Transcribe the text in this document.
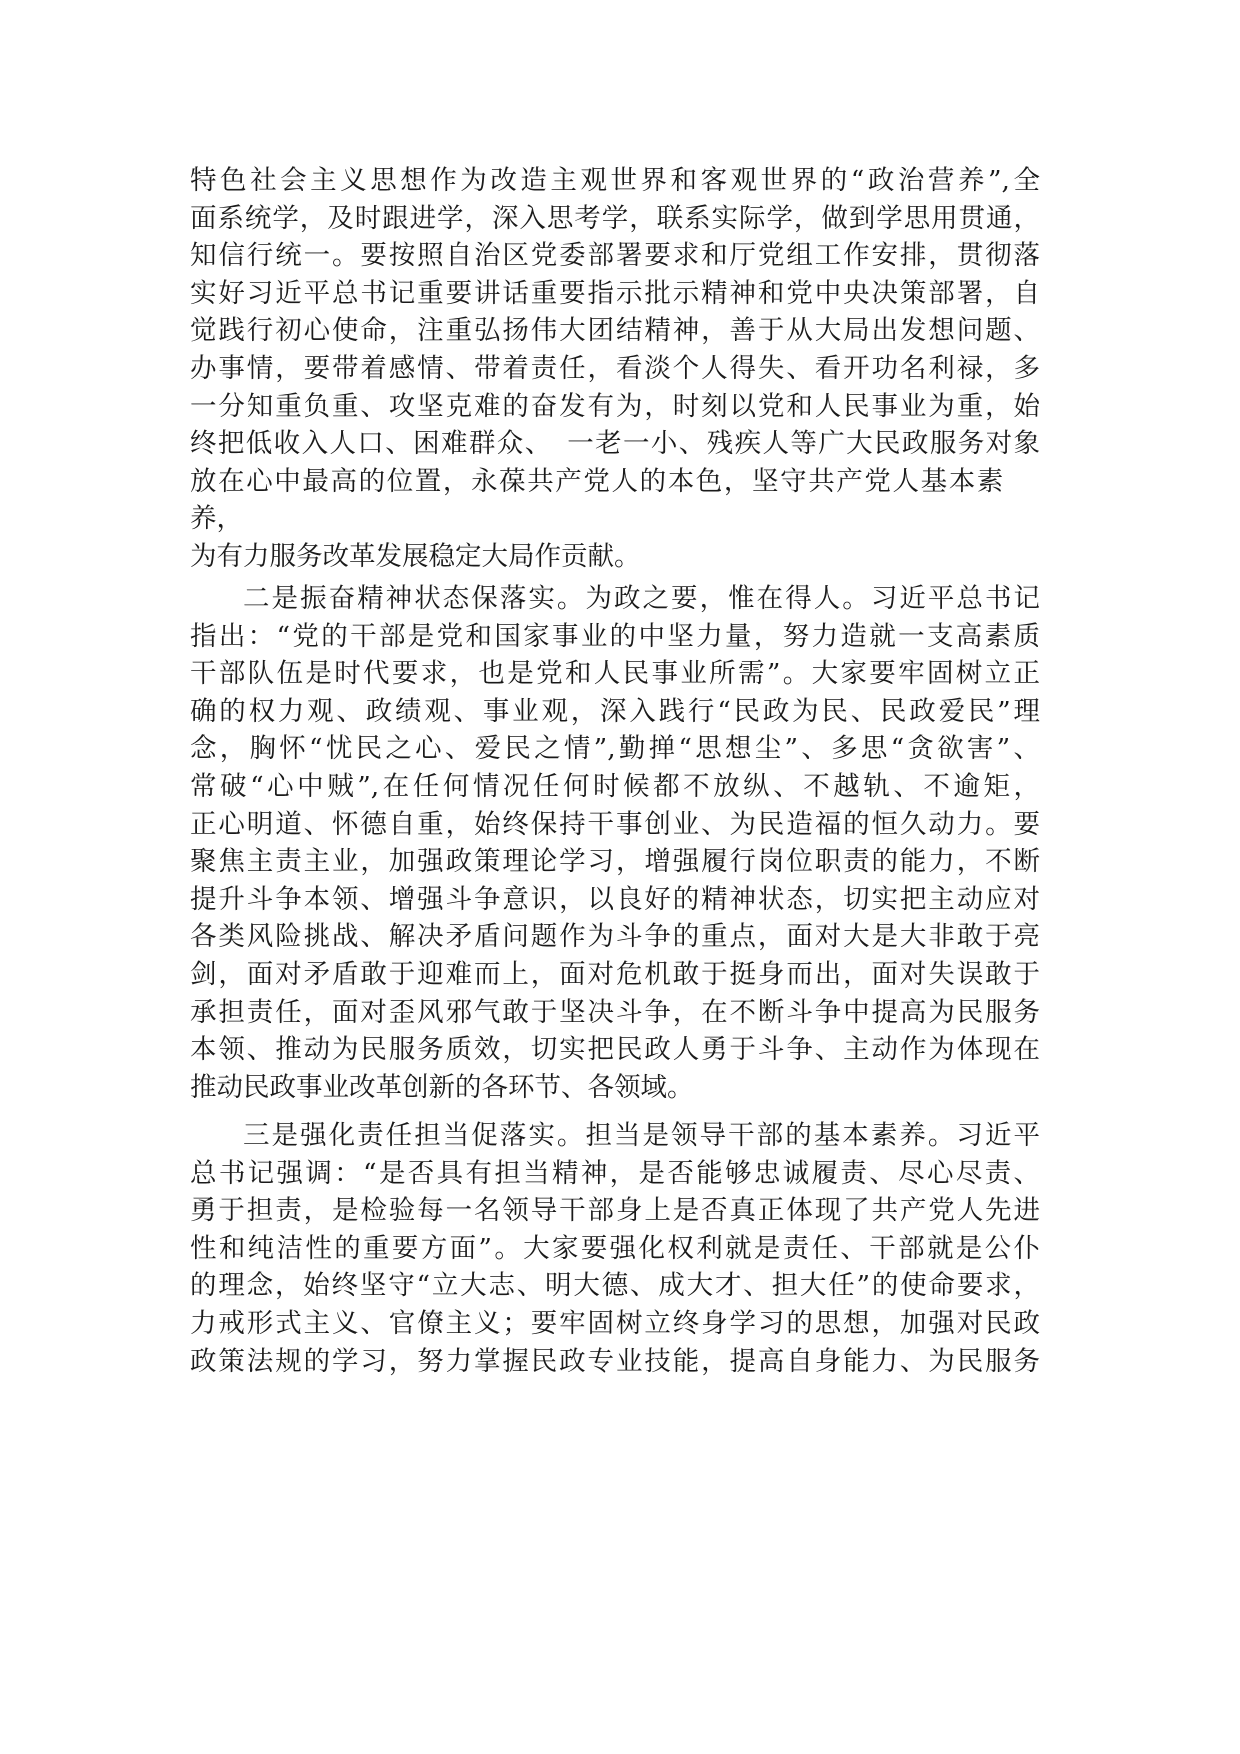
特色社会主义思想作为改造主观世界和客观世界的“政治营养”,全
面系统学，及时跟进学，深入思考学，联系实际学，做到学思用贯通，
知信行统一。要按照自治区党委部署要求和厅党组工作安排，贯彻落
实好习近平总书记重要讲话重要指示批示精神和党中央决策部署，自
觉践行初心使命，注重弘扬伟大团结精神，善于从大局出发想问题、
办事情，要带着感情、带着责任，看淡个人得失、看开功名利禄，多
一分知重负重、攻坚克难的奋发有为，时刻以党和人民事业为重，始
终把低收入人口、困难群众、　一老一小、残疾人等广大民政服务对象
放在心中最高的位置，永葆共产党人的本色，坚守共产党人基本素
养，
为有力服务改革发展稳定大局作贡献。
二是振奋精神状态保落实。为政之要，惟在得人。习近平总书记
指出：“党的干部是党和国家事业的中坚力量，努力造就一支高素质
干部队伍是时代要求，也是党和人民事业所需”。大家要牢固树立正
确的权力观、政绩观、事业观，深入践行“民政为民、民政爱民”理
念，胸怀“忧民之心、爱民之情”,勤掸“思想尘”、多思“贪欲害”、
常破“心中贼”,在任何情况任何时候都不放纵、不越轨、不逾矩，
正心明道、怀德自重，始终保持干事创业、为民造福的恒久动力。要
聚焦主责主业，加强政策理论学习，增强履行岗位职责的能力，不断
提升斗争本领、增强斗争意识，以良好的精神状态，切实把主动应对
各类风险挑战、解决矛盾问题作为斗争的重点，面对大是大非敢于亮
剑，面对矛盾敢于迎难而上，面对危机敢于挺身而出，面对失误敢于
承担责任，面对歪风邪气敢于坚决斗争，在不断斗争中提高为民服务
本领、推动为民服务质效，切实把民政人勇于斗争、主动作为体现在
推动民政事业改革创新的各环节、各领域。
三是强化责任担当促落实。担当是领导干部的基本素养。习近平
总书记强调：“是否具有担当精神，是否能够忠诚履责、尽心尽责、
勇于担责，是检验每一名领导干部身上是否真正体现了共产党人先进
性和纯洁性的重要方面”。大家要强化权利就是责任、干部就是公仆
的理念，始终坚守“立大志、明大德、成大才、担大任”的使命要求，
力戒形式主义、官僚主义；要牢固树立终身学习的思想，加强对民政
政策法规的学习，努力掌握民政专业技能，提高自身能力、为民服务
